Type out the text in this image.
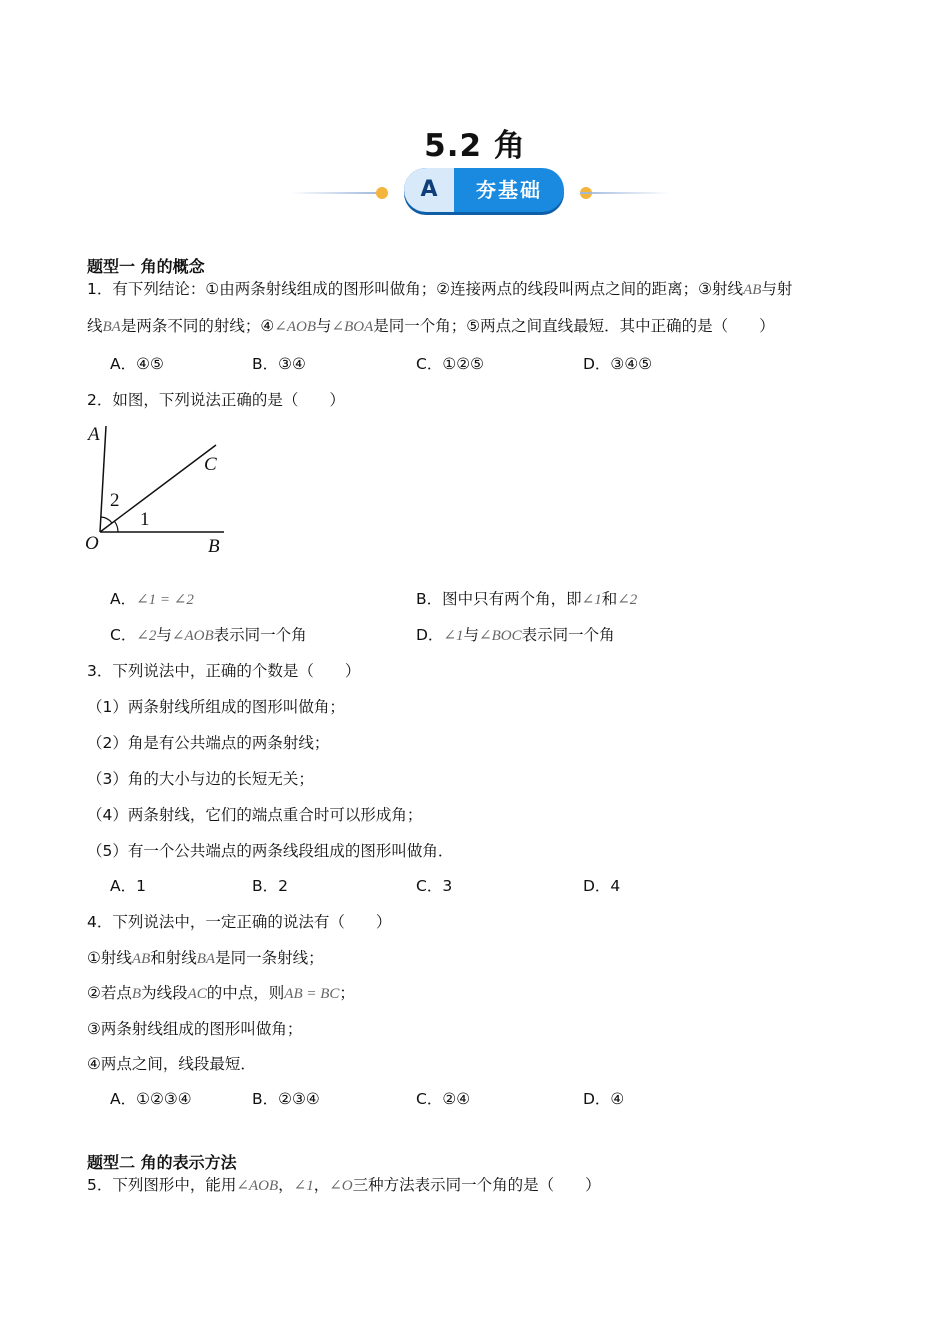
5.2 角
A	夯基础
题型一 角的概念
1．有下列结论：①由两条射线组成的图形叫做角；②连接两点的线段叫两点之间的距离；③射线AB与射
线BA是两条不同的射线；④∠AOB与∠BOA是同一个角；⑤两点之间直线最短．其中正确的是（　　）
A．④⑤	B．③④	C．①②⑤	D．③④⑤
2．如图，下列说法正确的是（　　）
A
C
2
1
O	B
A．∠1 = ∠2	B．图中只有两个角，即∠1和∠2
C．∠2与∠AOB表示同一个角	D．∠1与∠BOC表示同一个角
3．下列说法中，正确的个数是（　　）
（1）两条射线所组成的图形叫做角；
（2）角是有公共端点的两条射线；
（3）角的大小与边的长短无关；
（4）两条射线，它们的端点重合时可以形成角；
（5）有一个公共端点的两条线段组成的图形叫做角．
A．1	B．2	C．3	D．4
4．下列说法中，一定正确的说法有（　　）
①射线AB和射线BA是同一条射线；
②若点B为线段AC的中点，则AB = BC；
③两条射线组成的图形叫做角；
④两点之间，线段最短．
A．①②③④	B．②③④	C．②④	D．④
题型二 角的表示方法
5．下列图形中，能用∠AOB，∠1，∠O三种方法表示同一个角的是（　　）
